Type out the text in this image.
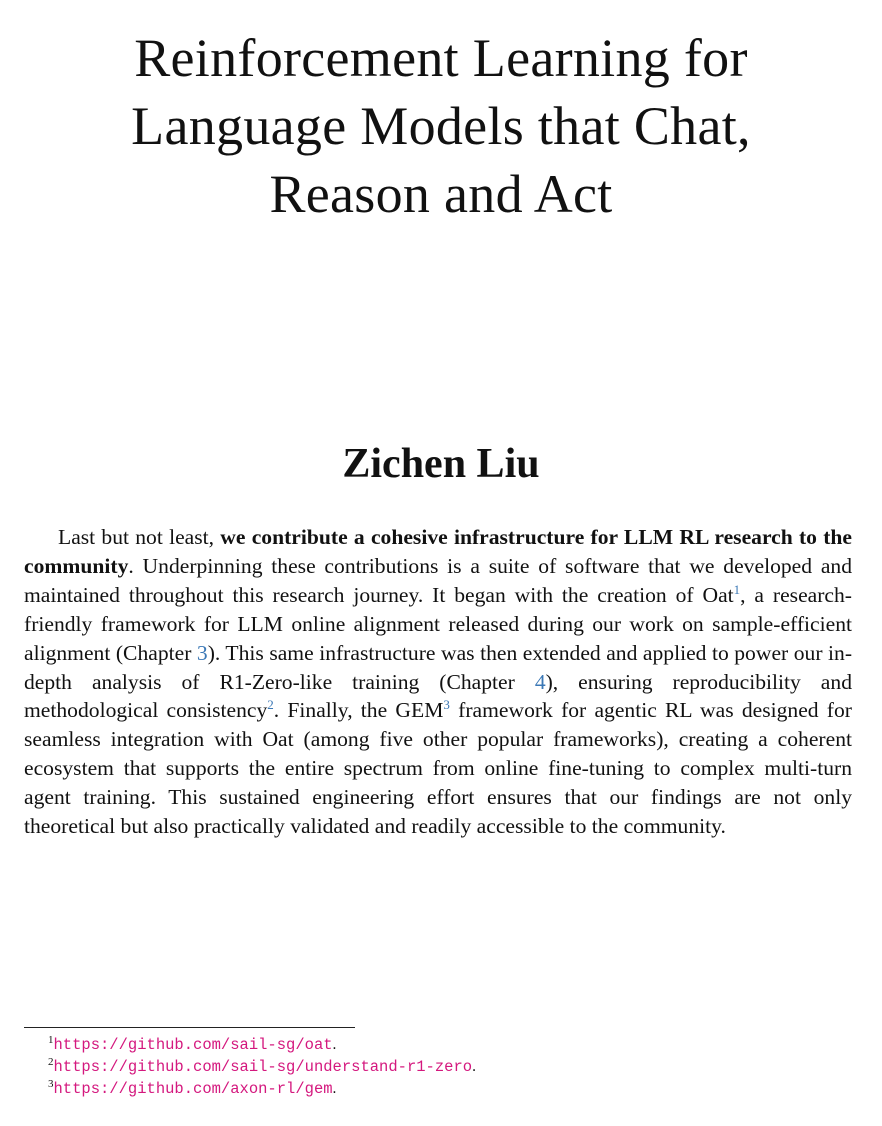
Reinforcement Learning for
Language Models that Chat,
Reason and Act
Zichen Liu

Last but not least, we contribute a cohesive infrastructure for LLM RL research to the community. Underpinning these contributions is a suite of software that we developed and maintained throughout this research journey. It began with the creation of Oat$^1$, a research-friendly framework for LLM online alignment released during our work on sample-efficient alignment (Chapter 3). This same infrastructure was then extended and applied to power our in-depth analysis of R1-Zero-like training (Chapter 4), ensuring reproducibility and methodological consistency$^2$. Finally, the GEM$^3$ framework for agentic RL was designed for seamless integration with Oat (among five other popular frameworks), creating a coherent ecosystem that supports the entire spectrum from online fine-tuning to complex multi-turn agent training. This sustained engineering effort ensures that our findings are not only theoretical but also practically validated and readily accessible to the community.

$^1$https://github.com/sail-sg/oat.
$^2$https://github.com/sail-sg/understand-r1-zero.
$^3$https://github.com/axon-rl/gem.
